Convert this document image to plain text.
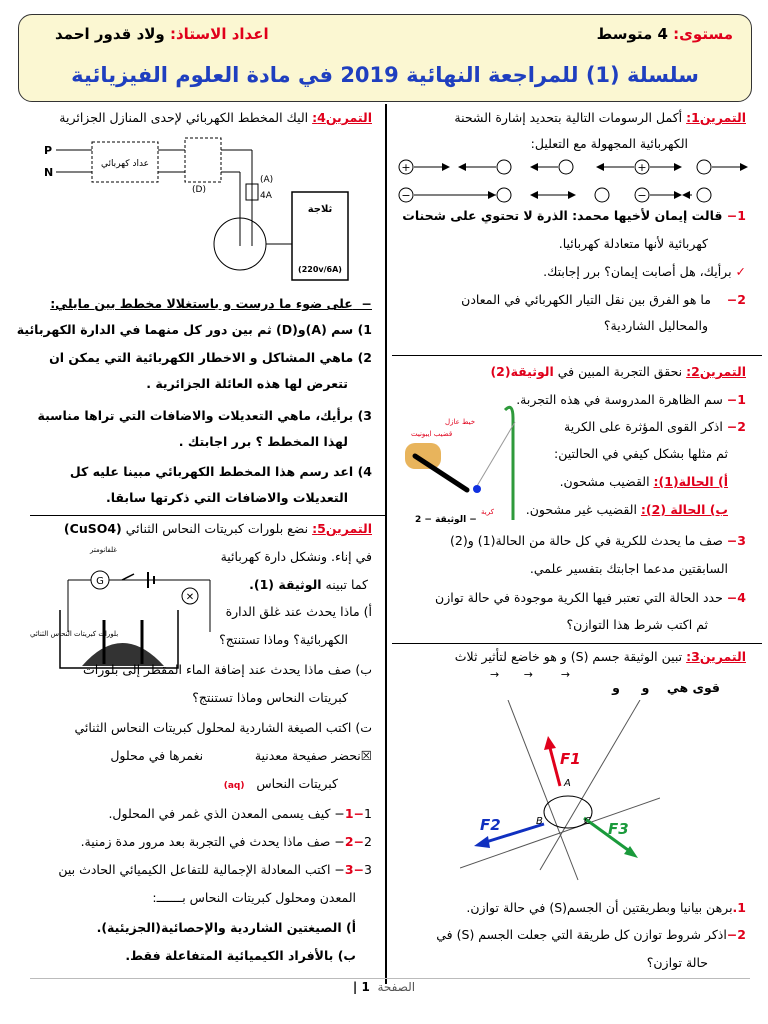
مستوى: 4 متوسط
اعداد الاستاذ: ولاد قدور احمد
سلسلة (1) للمراجعة النهائية 2019 في مادة العلوم الفيزيائية
التمرين1: أكمل الرسومات التالية بتحديد إشارة الشحنة
الكهربائية المجهولة مع التعليل:
+	+
−	−
1− قالت إيمان لأخيها محمد: الذرة لا تحتوي على شحنات
كهربائية لأنها متعادلة كهربائيا.
✓ برأيك، هل أصابت إيمان؟ برر إجابتك.
2−    ما هو الفرق بين نقل التيار الكهربائي في المعادن
والمحاليل الشاردية؟
التمرين2: نحقق التجربة المبين في الوثيقة(2)
1− سم الظاهرة المدروسة في هذه التجربة.
2− اذكر القوى المؤثرة على الكرية
ثم مثلها بشكل كيفي في الحالتين:
أ) الحالة(1): القضيب مشحون.
ب) الحالة (2): القضيب غير مشحون.
خيط عازل
قضيب ايبونيت
كرية
الوثيقة − 2 −
3− صف ما يحدث للكرية في كل حالة من الحالة(1) و(2)
السابقتين مدعما اجابتك بتفسير علمي.
4− حدد الحالة التي تعتبر فيها الكرية موجودة في حالة توازن
ثم اكتب شرط هذا التوازن؟
التمرين3: تبين الوثيقة جسم (S) و هو خاضع لتأثير ثلاث
قوى هي    و     و
→        →       →
F1
F2	F3
A
B	C
1.برهن بيانيا وبطريقتين أن الجسم(S) في حالة توازن.
2−اذكر شروط توازن كل طريقة التي جعلت الجسم (S) في
حالة توازن؟
التمرين4: اليك المخطط الكهربائي لإحدى المنازل الجزائرية
P
N
عداد كهربائي
(D)
(A)
4A
ثلاجة
(220v/6A)
−  على ضوء ما درست و باستغلالا مخطط بين مايلي:
1) سم (A)و(D) ثم بين دور كل منهما في الدارة الكهربائية
2) ماهي المشاكل و الاخطار الكهربائية التي يمكن ان
تتعرض لها هذه العائلة الجزائرية .
3) برأيك، ماهي التعديلات والاضافات التي تراها مناسبة
لهذا المخطط ؟ برر اجابتك .
4) اعد رسم هذا المخطط الكهربائي مبينا عليه كل
التعديلات والاضافات التي ذكرتها سابقا.
التمرين5: نضع بلورات كبريتات النحاس الثنائي (CuSO4)
في إناء. ونشكل دارة كهربائية
كما تبينه الوثيقة (1).
غلفانومتر
G
✕
بلورات كبريتات النحاس الثنائي
أ) ماذا يحدث عند غلق الدارة
الكهربائية؟ وماذا تستنتج؟
ب) صف ماذا يحدث عند إضافة الماء المقطر إلى بلورات
كبريتات النحاس وماذا تستنتج؟
ت) اكتب الصيغة الشاردية لمحلول كبريتات النحاس الثنائي
☒نحضر صفيحة معدنية             نغمرها في محلول
كبريتات النحاس   (aq)
1−1− كيف يسمى المعدن الذي غمر في المحلول.
2−2− صف ماذا يحدث في التجربة بعد مرور مدة زمنية.
3−3− اكتب المعادلة الإجمالية للتفاعل الكيميائي الحادث بين
المعدن ومحلول كبريتات النحاس بـــــــ:
أ) الصيغتين الشاردية والإحصائية(الجزيئية).
ب) بالأفراد الكيميائية المتفاعلة فقط.
| 1 الصفحة
